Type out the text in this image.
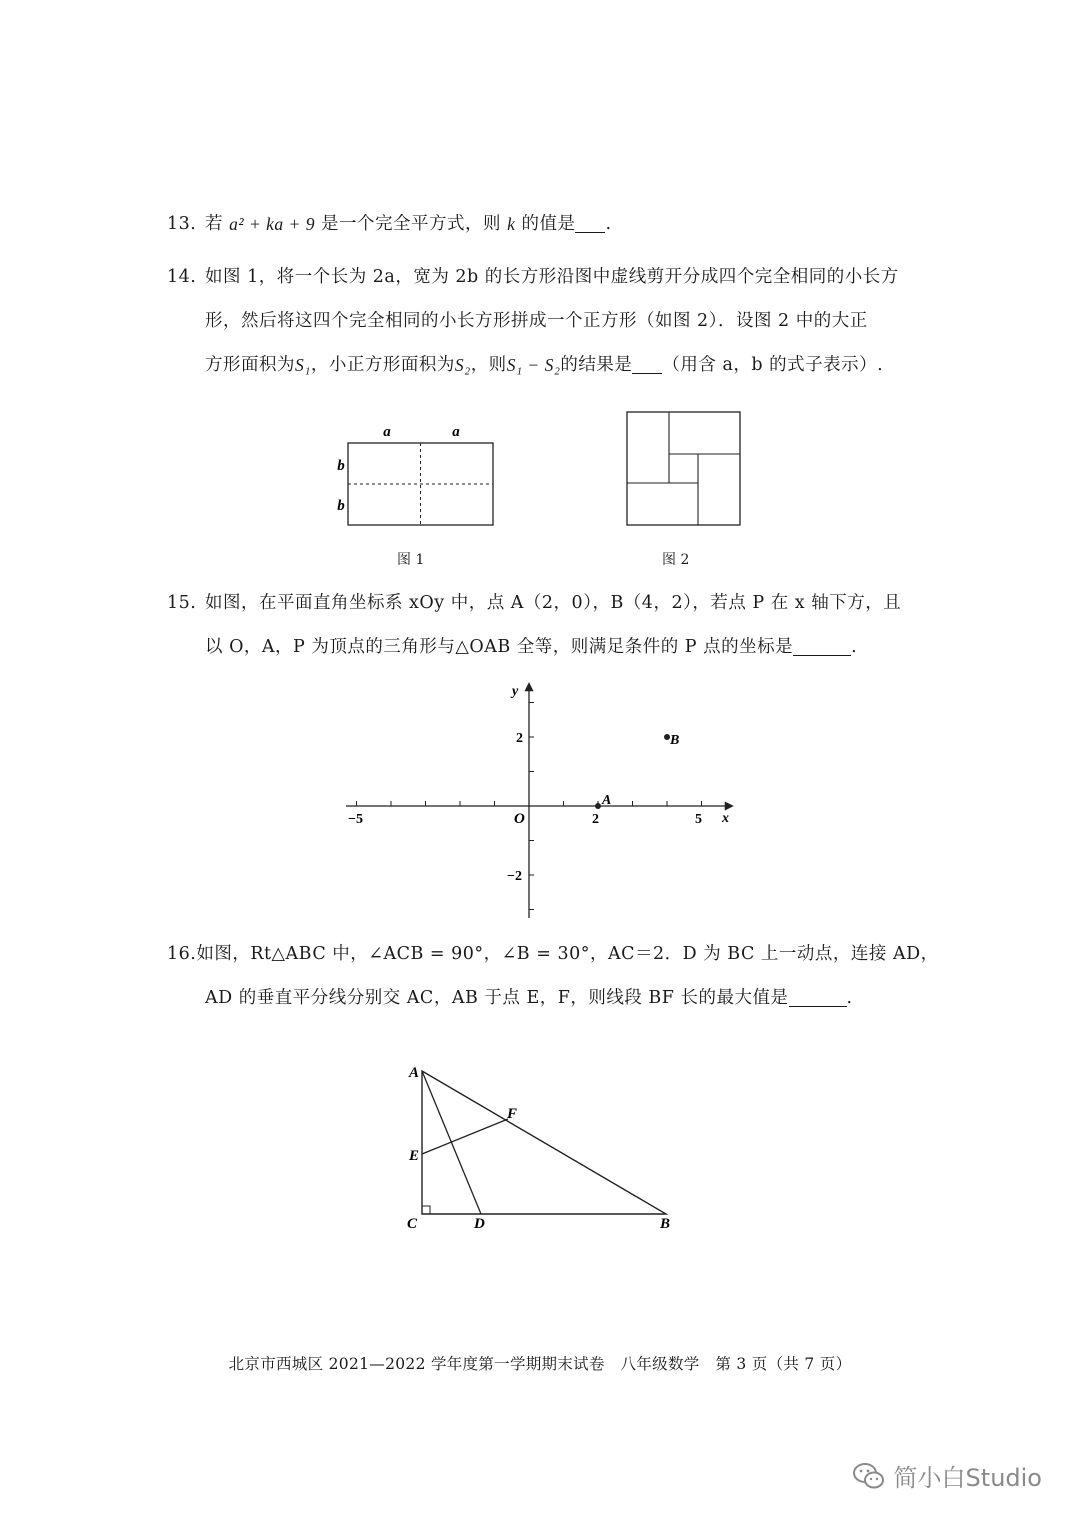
13. 若
a² + ka + 9
是一个完全平方式，则
k
的值是 .
14. 如图 1，将一个长为 2a，宽为 2b 的长方形沿图中虚线剪开分成四个完全相同的小长方
形，然后将这四个完全相同的小长方形拼成一个正方形（如图 2）．设图 2 中的大正
方形面积为 S₁ ，小正方形面积为 S₂ ，则 S₁ − S₂ 的结果是 （用含 a，b 的式子表示）.
a	a
b
b
图 1	图 2
15. 如图，在平面直角坐标系 xOy 中，点 A（2，0），B（4，2），若点 P 在 x 轴下方，且
以 O，A，P 为顶点的三角形与△OAB 全等，则满足条件的 P 点的坐标是	.
x
y
O
−5	2	5
2
−2
A
B
16. 如图，Rt△ABC 中，∠ACB = 90°，∠B = 30°，AC＝2．D 为 BC 上一动点，连接 AD，
AD 的垂直平分线分别交 AC，AB 于点 E，F，则线段 BF 长的最大值是	.
A
E
F
C	D	B
北京市西城区 2021—2022 学年度第一学期期末试卷　八年级数学　第 3 页（共 7 页）
简小白Studio
